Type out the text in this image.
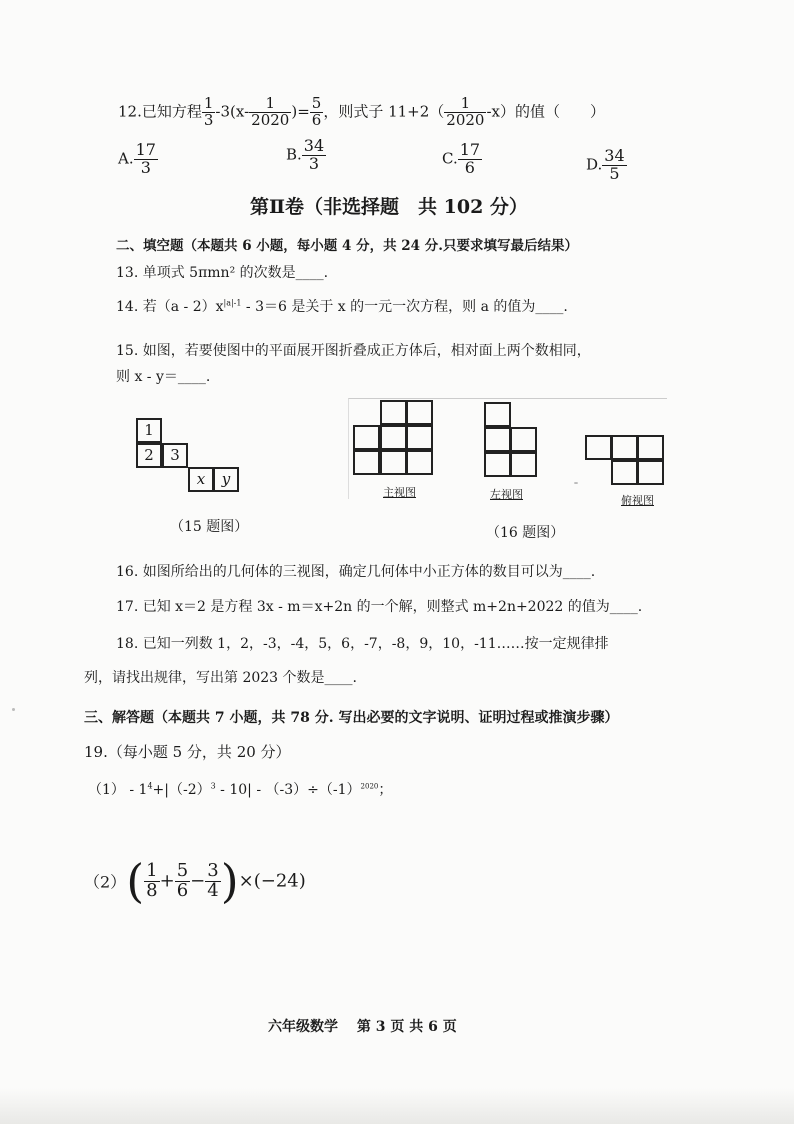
12.已知方程 $\frac{1}{3} -3(x- \frac{1}{2020}$ )= $\frac{5}{6}$ ，则式子 $11+2( \frac{1}{2020} -x)$的值（　　）
A. $\frac{17}{3}$	B. $\frac{34}{3}$	C. $\frac{17}{6}$	D. $\frac{34}{5}$
第Ⅱ卷（非选择题　共 102 分）
二、填空题（本题共 6 小题，每小题 4 分，共 24 分.只要求填写最后结果）
13. 单项式 5πmn² 的次数是____.
14. 若$(a - 2)x^{|a|-1} - 3=6$ 是关于 x 的一元一次方程，则 a 的值为____.
15. 如图，若要使图中的平面展开图折叠成正方体后，相对面上两个数相同，
则 x - y＝____.
1
2	3
x	y
（15 题图）
主视图	左视图	俯视图
（16 题图）
16. 如图所给出的几何体的三视图，确定几何体中小正方体的数目可以为____.
17. 已知 x＝2 是方程 3x - m＝x+2n 的一个解，则整式 m+2n+2022 的值为____.
18. 已知一列数 1，2，-3，-4，5，6，-7，-8，9，10，-11……按一定规律排
列，请找出规律，写出第 2023 个数是____.
三、解答题（本题共 7 小题，共 78 分. 写出必要的文字说明、证明过程或推演步骤）
19.（每小题 5 分，共 20 分）
$(1) - 1^4+|(-2)^3 - 10| - (-3)\div(-1)^{2020}$；
$(2)( \frac{1}{8} + \frac{5}{6} - \frac{3}{4} )\times(-24)$
六年级数学　 第 3 页 共 6 页
